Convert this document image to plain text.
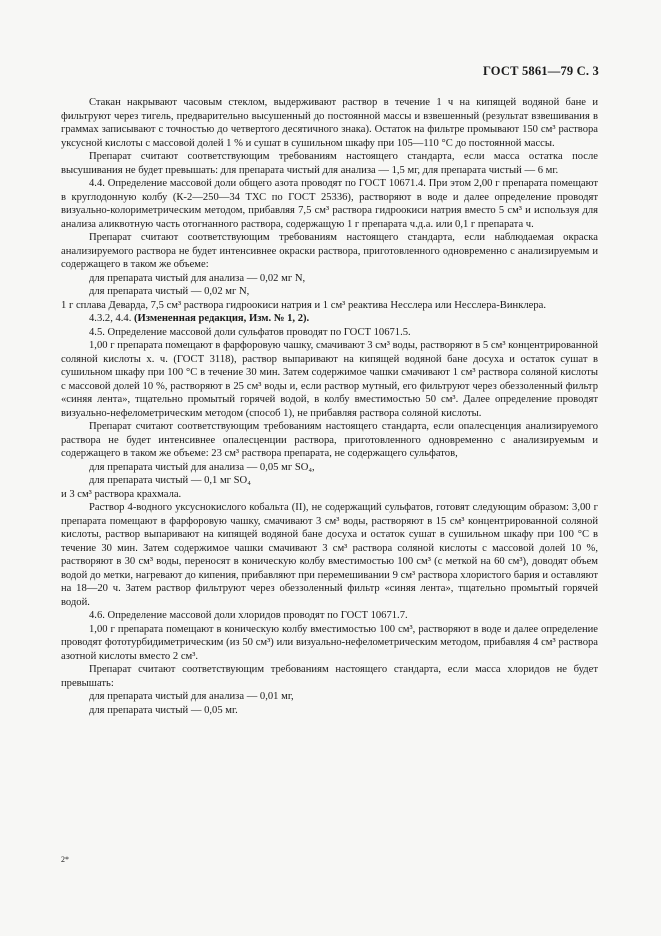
ГОСТ 5861—79 С. 3

Стакан накрывают часовым стеклом, выдерживают раствор в течение 1 ч на кипящей водяной бане и фильтруют через тигель, предварительно высушенный до постоянной массы и взвешенный (результат взвешивания в граммах записывают с точностью до четвертого десятичного знака). Остаток на фильтре промывают 150 см³ раствора уксусной кислоты с массовой долей 1 % и сушат в сушильном шкафу при 105—110 °С до постоянной массы.

Препарат считают соответствующим требованиям настоящего стандарта, если масса остатка после высушивания не будет превышать: для препарата чистый для анализа — 1,5 мг, для препарата чистый — 6 мг.

4.4. Определение массовой доли общего азота проводят по ГОСТ 10671.4. При этом 2,00 г препарата помещают в круглодонную колбу (К-2—250—34 ТХС по ГОСТ 25336), растворяют в воде и далее определение проводят визуально-колориметрическим методом, прибавляя 7,5 см³ раствора гидроокиси натрия вместо 5 см³ и используя для анализа аликвотную часть отогнанного раствора, содержащую 1 г препарата ч.д.а. или 0,1 г препарата ч.

Препарат считают соответствующим требованиям настоящего стандарта, если наблюдаемая окраска анализируемого раствора не будет интенсивнее окраски раствора, приготовленного одновременно с анализируемым и содержащего в таком же объеме:

для препарата чистый для анализа — 0,02 мг N,

для препарата чистый — 0,02 мг N,

1 г сплава Деварда, 7,5 см³ раствора гидроокиси натрия и 1 см³ реактива Несслера или Несслера-Винклера.

4.3.2, 4.4. (Измененная редакция, Изм. № 1, 2).

4.5. Определение массовой доли сульфатов проводят по ГОСТ 10671.5.

1,00 г препарата помещают в фарфоровую чашку, смачивают 3 см³ воды, растворяют в 5 см³ концентрированной соляной кислоты х. ч. (ГОСТ 3118), раствор выпаривают на кипящей водяной бане досуха и остаток сушат в сушильном шкафу при 100 °С в течение 30 мин. Затем содержимое чашки смачивают 1 см³ раствора соляной кислоты с массовой долей 10 %, растворяют в 25 см³ воды и, если раствор мутный, его фильтруют через обеззоленный фильтр «синяя лента», тщательно промытый горячей водой, в колбу вместимостью 50 см³. Далее определение проводят визуально-нефелометрическим методом (способ 1), не прибавляя раствора соляной кислоты.

Препарат считают соответствующим требованиям настоящего стандарта, если опалесценция анализируемого раствора не будет интенсивнее опалесценции раствора, приготовленного одновременно с анализируемым и содержащего в таком же объеме: 23 см³ раствора препарата, не содержащего сульфатов,

для препарата чистый для анализа — 0,05 мг SO₄,

для препарата чистый — 0,1 мг SO₄

и 3 см³ раствора крахмала.

Раствор 4-водного уксуснокислого кобальта (II), не содержащий сульфатов, готовят следующим образом: 3,00 г препарата помещают в фарфоровую чашку, смачивают 3 см³ воды, растворяют в 15 см³ концентрированной соляной кислоты, раствор выпаривают на кипящей водяной бане досуха и остаток сушат в сушильном шкафу при 100 °С в течение 30 мин. Затем содержимое чашки смачивают 3 см³ раствора соляной кислоты с массовой долей 10 %, растворяют в 30 см³ воды, переносят в коническую колбу вместимостью 100 см³ (с меткой на 60 см³), доводят объем водой до метки, нагревают до кипения, прибавляют при перемешивании 9 см³ раствора хлористого бария и оставляют на 18—20 ч. Затем раствор фильтруют через обеззоленный фильтр «синяя лента», тщательно промытый горячей водой.

4.6. Определение массовой доли хлоридов проводят по ГОСТ 10671.7.

1,00 г препарата помещают в коническую колбу вместимостью 100 см³, растворяют в воде и далее определение проводят фототурбидиметрическим (из 50 см³) или визуально-нефелометрическим методом, прибавляя 4 см³ раствора азотной кислоты вместо 2 см³.

Препарат считают соответствующим требованиям настоящего стандарта, если масса хлоридов не будет превышать:

для препарата чистый для анализа — 0,01 мг,

для препарата чистый — 0,05 мг.

2*
